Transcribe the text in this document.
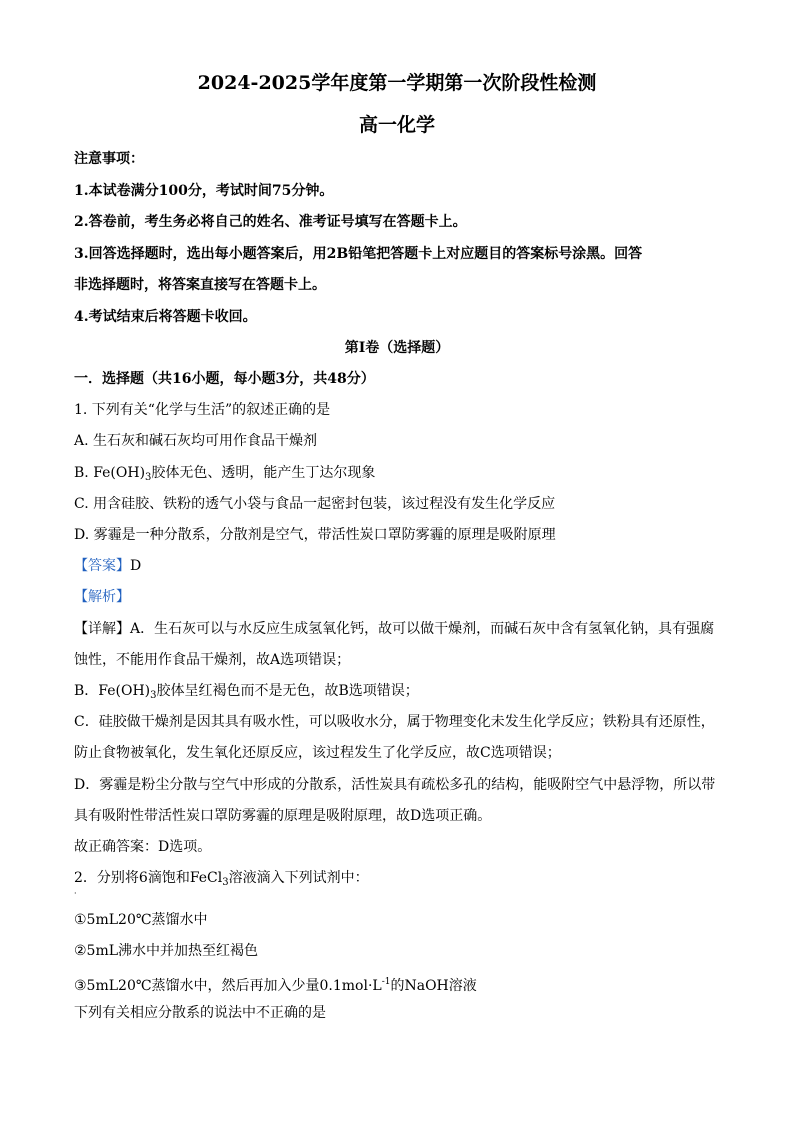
2024-2025学年度第一学期第一次阶段性检测
高一化学
注意事项：
1.本试卷满分100分，考试时间75分钟。
2.答卷前，考生务必将自己的姓名、准考证号填写在答题卡上。
3.回答选择题时，选出每小题答案后，用2B铅笔把答题卡上对应题目的答案标号涂黑。回答
非选择题时，将答案直接写在答题卡上。
4.考试结束后将答题卡收回。
第I卷（选择题）
一．选择题（共16小题，每小题3分，共48分）
1. 下列有关“化学与生活”的叙述正确的是
A. 生石灰和碱石灰均可用作食品干燥剂
B. $Fe(OH)_3$胶体无色、透明，能产生丁达尔现象
C. 用含硅胶、铁粉的透气小袋与食品一起密封包装，该过程没有发生化学反应
D. 雾霾是一种分散系，分散剂是空气，带活性炭口罩防雾霾的原理是吸附原理
【答案】D
【解析】
【详解】A．生石灰可以与水反应生成氢氧化钙，故可以做干燥剂，而碱石灰中含有氢氧化钠，具有强腐
蚀性，不能用作食品干燥剂，故A选项错误；
B．$Fe(OH)_3$胶体呈红褐色而不是无色，故B选项错误；
C．硅胶做干燥剂是因其具有吸水性，可以吸收水分，属于物理变化未发生化学反应；铁粉具有还原性，
防止食物被氧化，发生氧化还原反应，该过程发生了化学反应，故C选项错误；
D．雾霾是粉尘分散与空气中形成的分散系，活性炭具有疏松多孔的结构，能吸附空气中悬浮物，所以带
具有吸附性带活性炭口罩防雾霾的原理是吸附原理，故D选项正确。
故正确答案：D选项。
2．分别将6滴饱和FeCl$_3$溶液滴入下列试剂中：
·
①5mL20℃蒸馏水中
②5mL沸水中并加热至红褐色
③5mL20℃蒸馏水中，然后再加入少量$0.1mol\cdot L^{-1}$的NaOH溶液
下列有关相应分散系的说法中不正确的是
